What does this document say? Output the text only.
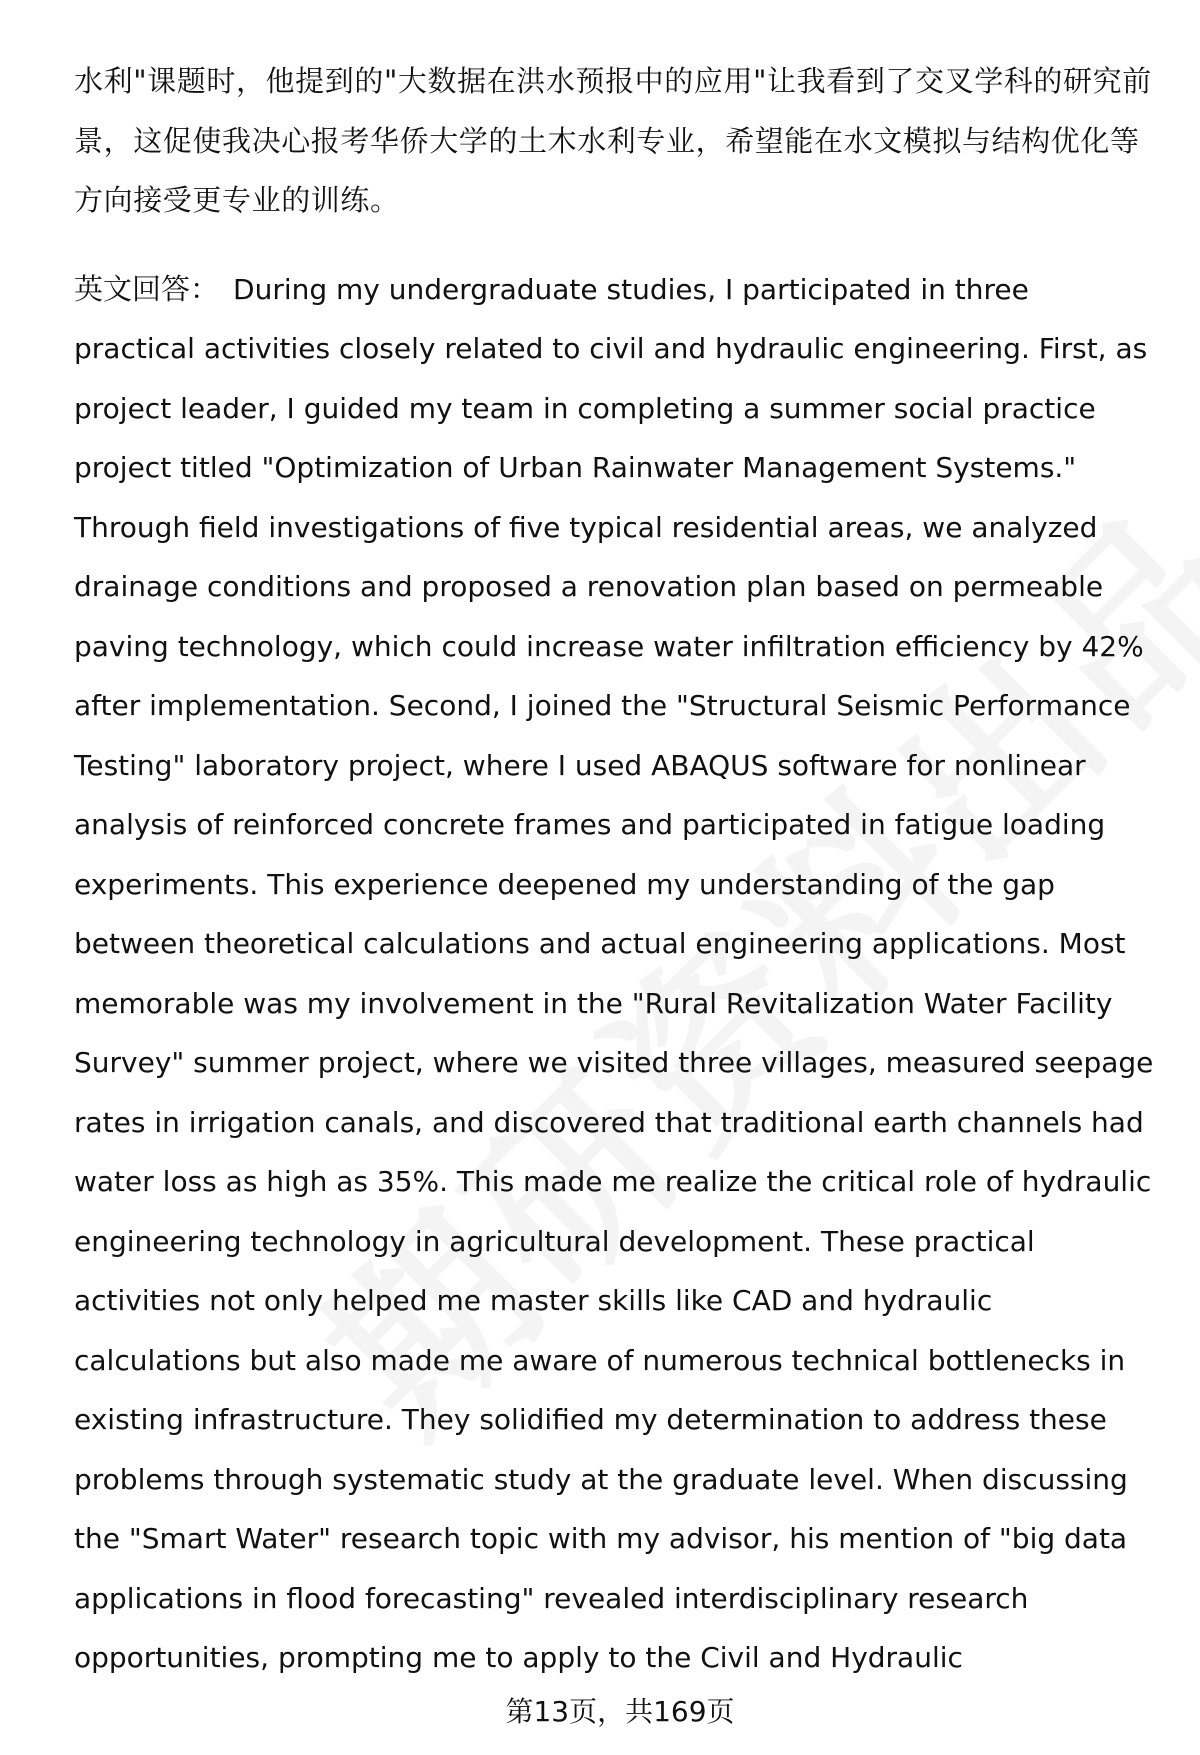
水利"课题时，他提到的"大数据在洪水预报中的应用"让我看到了交叉学科的研究前
景，这促使我决心报考华侨大学的土木水利专业，希望能在水文模拟与结构优化等
方向接受更专业的训练。
英文回答： During my undergraduate studies, I participated in three
practical activities closely related to civil and hydraulic engineering. First, as
project leader, I guided my team in completing a summer social practice
project titled "Optimization of Urban Rainwater Management Systems."
Through field investigations of five typical residential areas, we analyzed
drainage conditions and proposed a renovation plan based on permeable
paving technology, which could increase water infiltration efficiency by 42%
after implementation. Second, I joined the "Structural Seismic Performance
Testing" laboratory project, where I used ABAQUS software for nonlinear
analysis of reinforced concrete frames and participated in fatigue loading
experiments. This experience deepened my understanding of the gap
between theoretical calculations and actual engineering applications. Most
memorable was my involvement in the "Rural Revitalization Water Facility
Survey" summer project, where we visited three villages, measured seepage
rates in irrigation canals, and discovered that traditional earth channels had
water loss as high as 35%. This made me realize the critical role of hydraulic
engineering technology in agricultural development. These practical
activities not only helped me master skills like CAD and hydraulic
calculations but also made me aware of numerous technical bottlenecks in
existing infrastructure. They solidified my determination to address these
problems through systematic study at the graduate level. When discussing
the "Smart Water" research topic with my advisor, his mention of "big data
applications in flood forecasting" revealed interdisciplinary research
opportunities, prompting me to apply to the Civil and Hydraulic
第13页，共169页
